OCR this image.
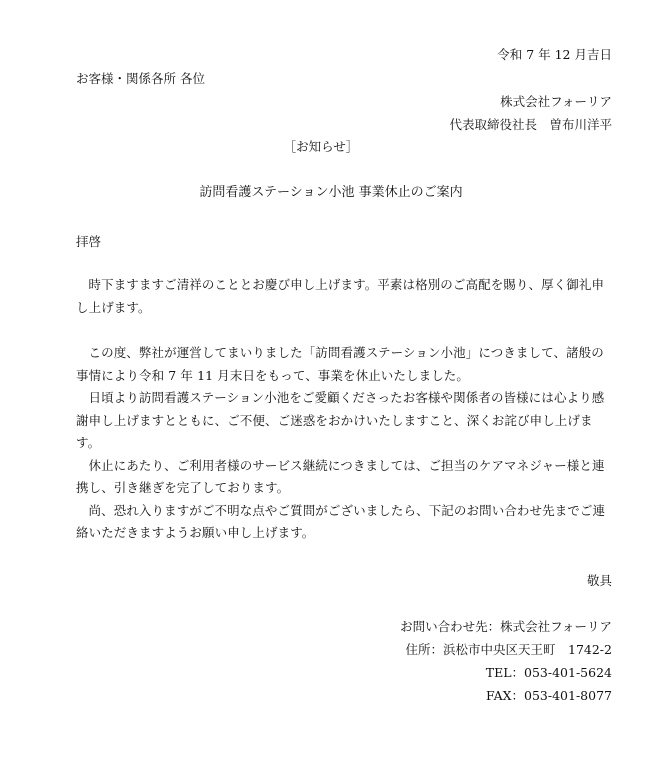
令和 7 年 12 月吉日
お客様・関係各所 各位
株式会社フォーリア
代表取締役社長　曽布川洋平
［お知らせ］
訪問看護ステーション小池 事業休止のご案内
拝啓

時下ますますご清祥のこととお慶び申し上げます。平素は格別のご高配を賜り、厚く御礼申し上げます。

この度、弊社が運営してまいりました「訪問看護ステーション小池」につきまして、諸般の事情により令和 7 年 11 月末日をもって、事業を休止いたしました。

日頃より訪問看護ステーション小池をご愛顧くださったお客様や関係者の皆様には心より感謝申し上げますとともに、ご不便、ご迷惑をおかけいたしますこと、深くお詫び申し上げます。

休止にあたり、ご利用者様のサービス継続につきましては、ご担当のケアマネジャー様と連携し、引き継ぎを完了しております。

尚、恐れ入りますがご不明な点やご質問がございましたら、下記のお問い合わせ先までご連絡いただきますようお願い申し上げます。

敬具
お問い合わせ先：株式会社フォーリア
住所：浜松市中央区天王町　1742-2
TEL：053-401-5624
FAX：053-401-8077
